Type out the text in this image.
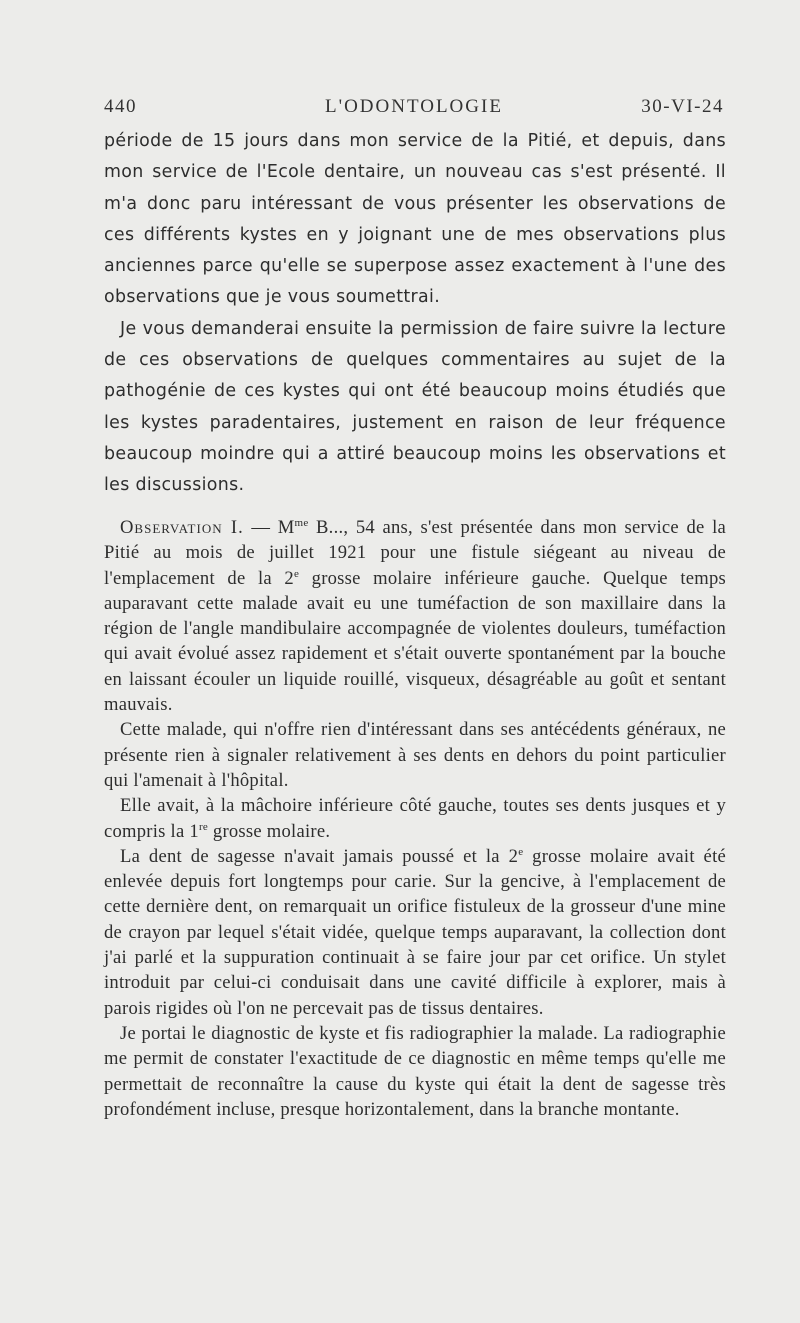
440	L'ODONTOLOGIE	30-VI-24

période de 15 jours dans mon service de la Pitié, et depuis, dans mon service de l'Ecole dentaire, un nouveau cas s'est présenté. Il m'a donc paru intéressant de vous présenter les observations de ces différents kystes en y joignant une de mes observations plus anciennes parce qu'elle se superpose assez exactement à l'une des observations que je vous soumettrai.

Je vous demanderai ensuite la permission de faire suivre la lecture de ces observations de quelques commentaires au sujet de la pathogénie de ces kystes qui ont été beaucoup moins étudiés que les kystes paradentaires, justement en raison de leur fréquence beaucoup moindre qui a attiré beaucoup moins les observations et les discussions.

Observation I. — $M^{me}$ B..., 54 ans, s'est présentée dans mon service de la Pitié au mois de juillet 1921 pour une fistule siégeant au niveau de l'emplacement de la 2e grosse molaire inférieure gauche. Quelque temps auparavant cette malade avait eu une tuméfaction de son maxillaire dans la région de l'angle mandibulaire accompagnée de violentes douleurs, tuméfaction qui avait évolué assez rapidement et s'était ouverte spontanément par la bouche en laissant écouler un liquide rouillé, visqueux, désagréable au goût et sentant mauvais.

Cette malade, qui n'offre rien d'intéressant dans ses antécédents généraux, ne présente rien à signaler relativement à ses dents en dehors du point particulier qui l'amenait à l'hôpital.

Elle avait, à la mâchoire inférieure côté gauche, toutes ses dents jusques et y compris la 1re grosse molaire.

La dent de sagesse n'avait jamais poussé et la 2e grosse molaire avait été enlevée depuis fort longtemps pour carie. Sur la gencive, à l'emplacement de cette dernière dent, on remarquait un orifice fistuleux de la grosseur d'une mine de crayon par lequel s'était vidée, quelque temps auparavant, la collection dont j'ai parlé et la suppuration continuait à se faire jour par cet orifice. Un stylet introduit par celui-ci conduisait dans une cavité difficile à explorer, mais à parois rigides où l'on ne percevait pas de tissus dentaires.

Je portai le diagnostic de kyste et fis radiographier la malade. La radiographie me permit de constater l'exactitude de ce diagnostic en même temps qu'elle me permettait de reconnaître la cause du kyste qui était la dent de sagesse très profondément incluse, presque horizontalement, dans la branche montante.
